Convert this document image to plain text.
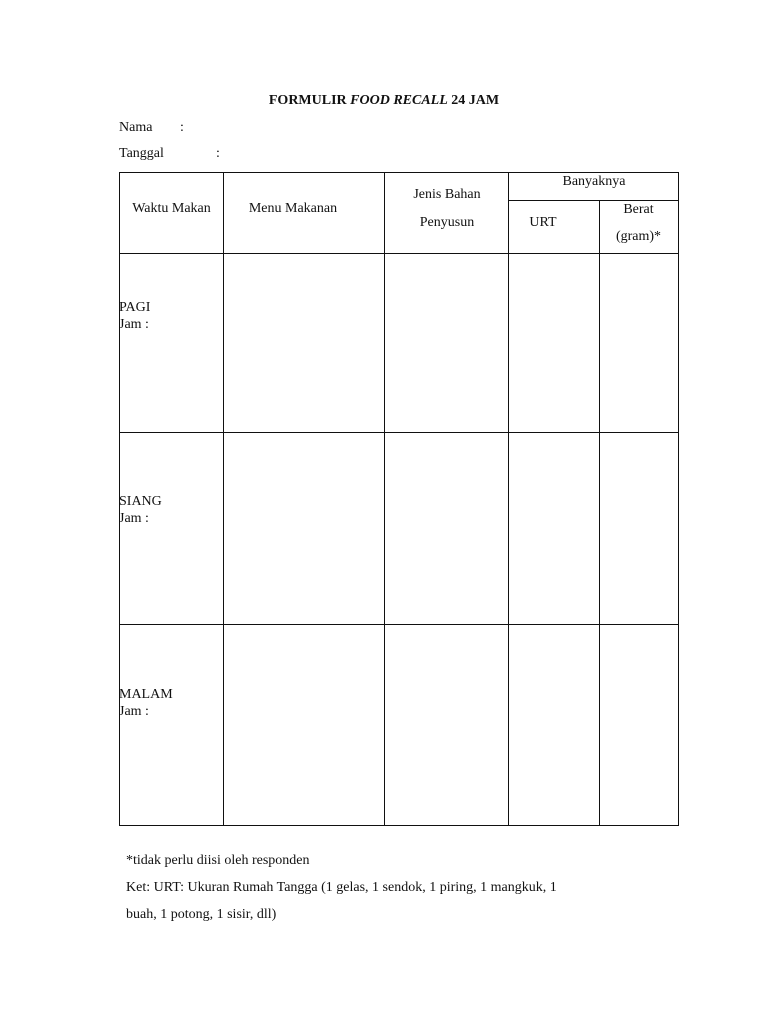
FORMULIR FOOD RECALL 24 JAM
Nama :
Tanggal	:
Waktu Makan	Menu Makanan
Jenis Bahan
Penyusun
Banyaknya
URT
Berat
(gram)*
PAGI
Jam :
SIANG
Jam :
MALAM
Jam :
*tidak perlu diisi oleh responden
Ket: URT: Ukuran Rumah Tangga (1 gelas, 1 sendok, 1 piring, 1 mangkuk, 1
buah, 1 potong, 1 sisir, dll)
